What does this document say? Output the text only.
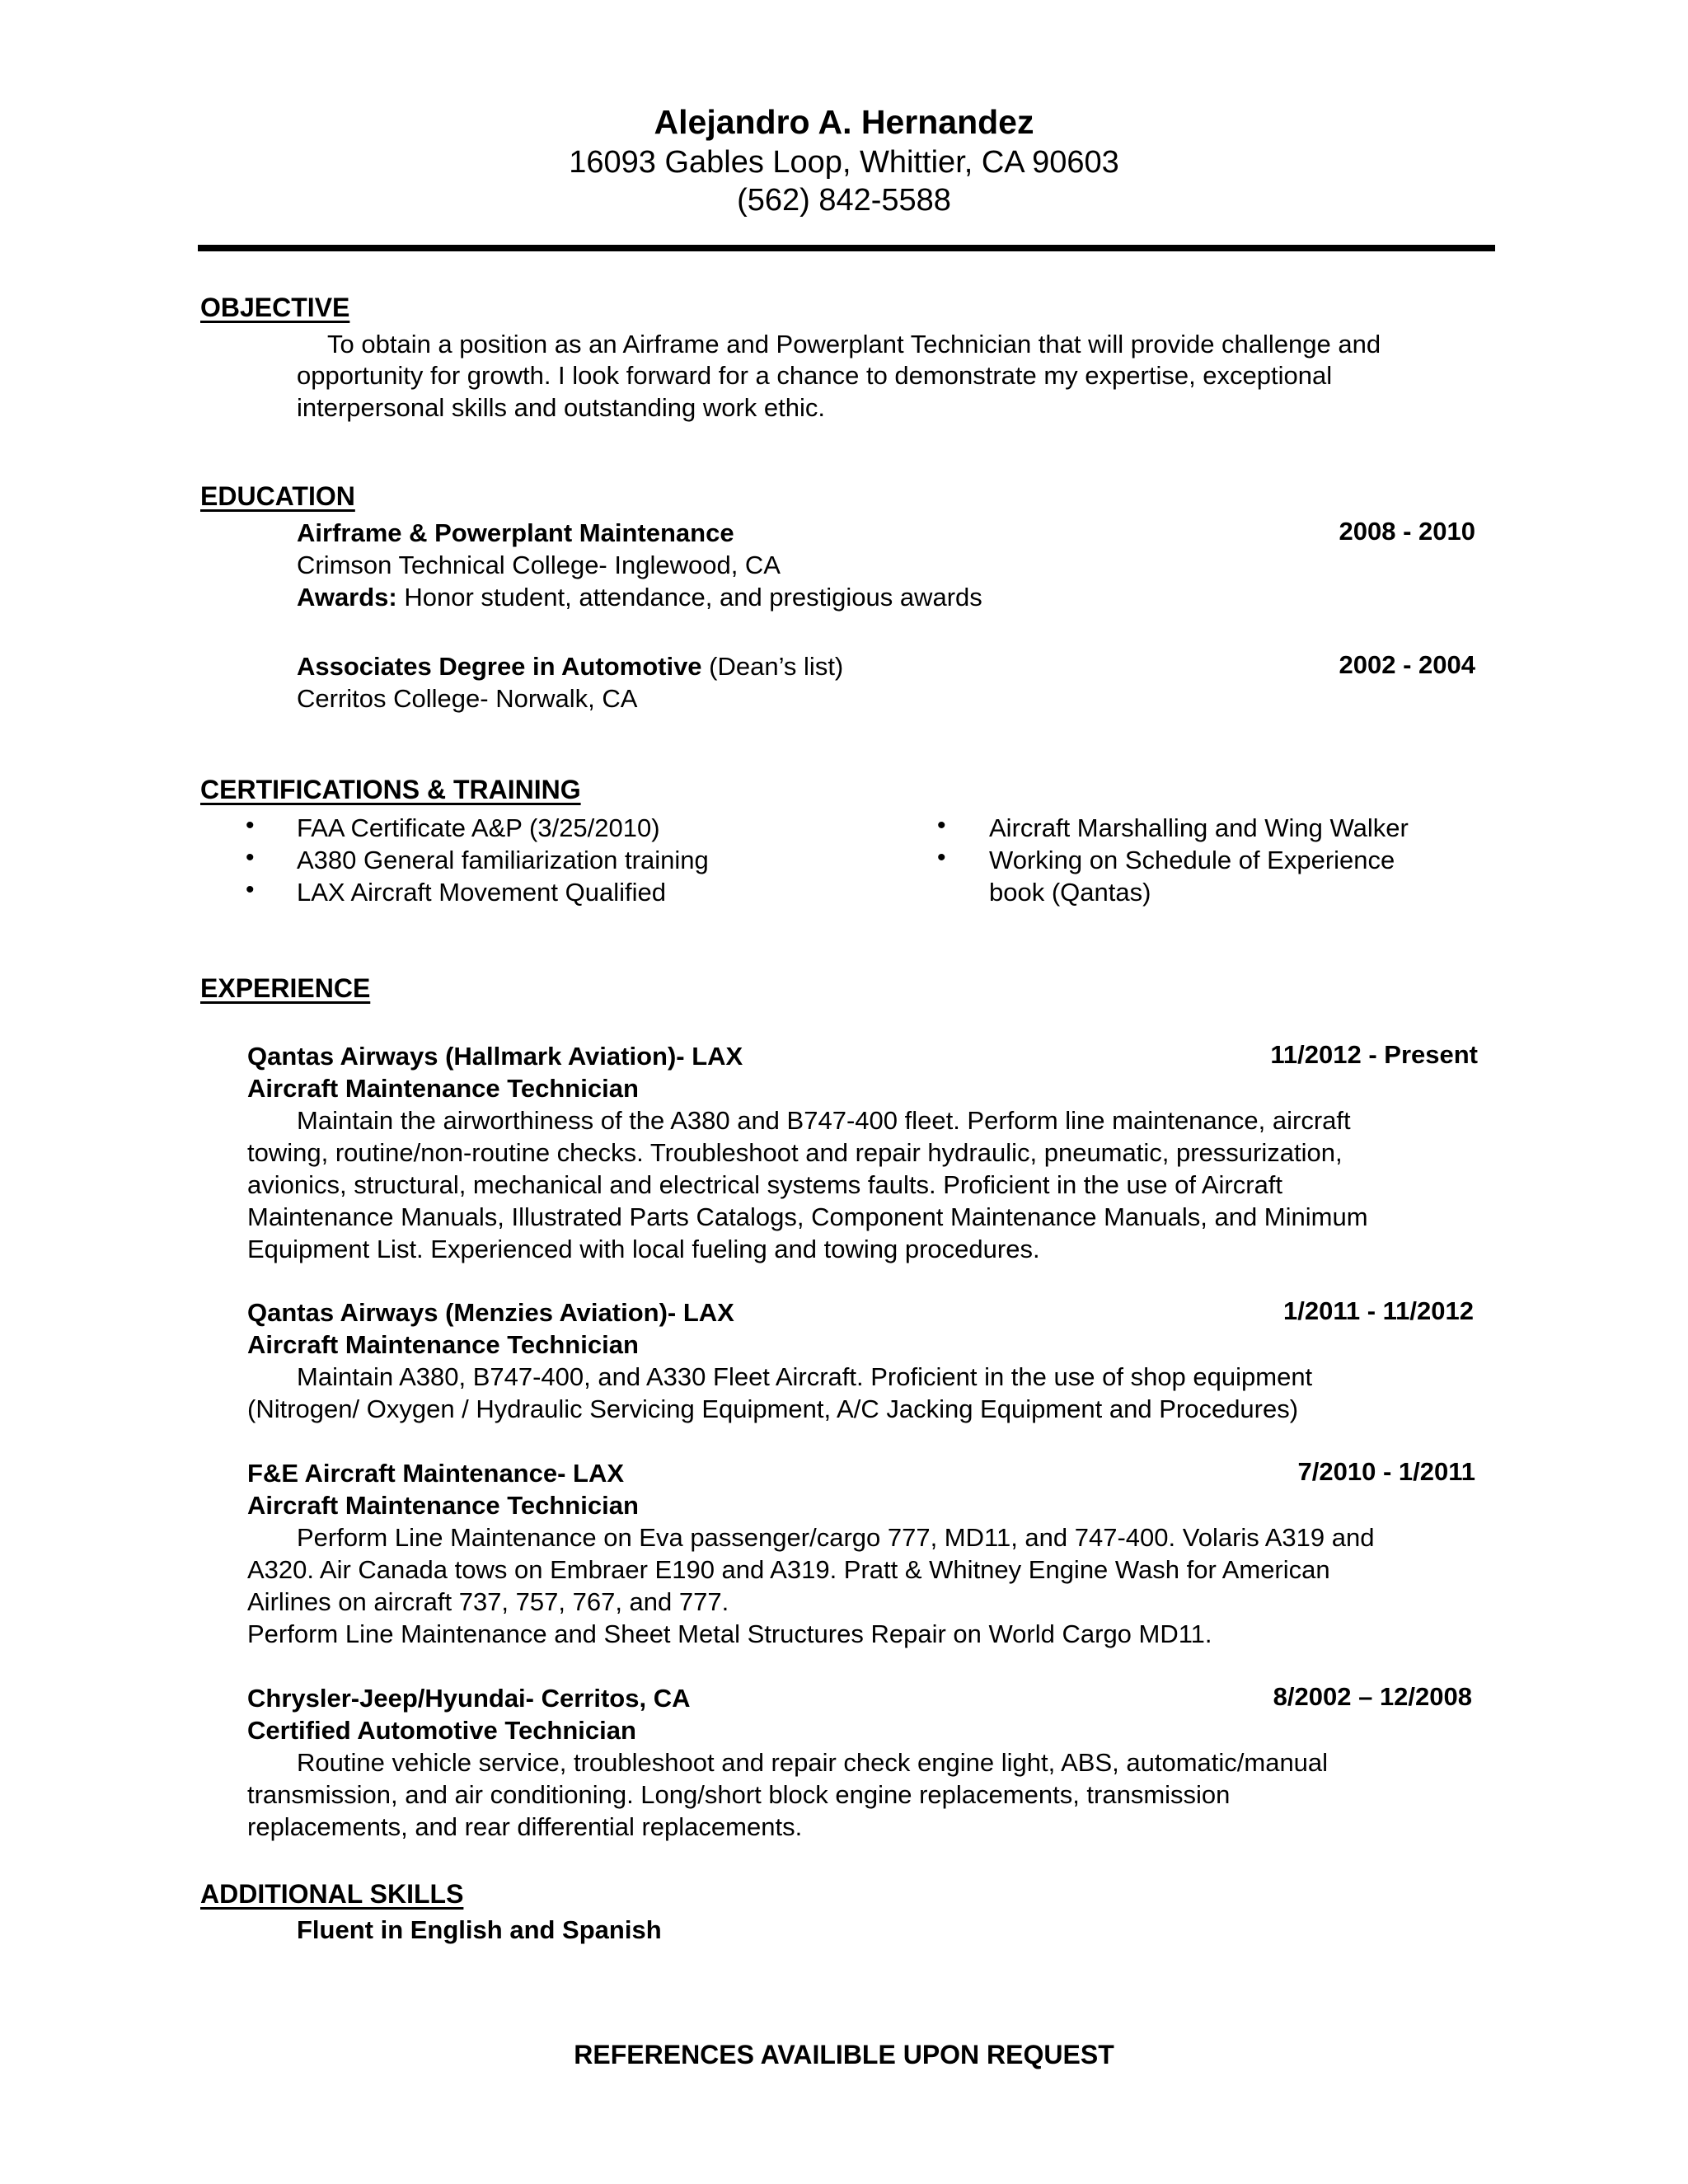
Alejandro A. Hernandez
16093 Gables Loop, Whittier, CA 90603
(562) 842-5588
OBJECTIVE
To obtain a position as an Airframe and Powerplant Technician that will provide challenge and
opportunity for growth. I look forward for a chance to demonstrate my expertise, exceptional
interpersonal skills and outstanding work ethic.
EDUCATION
Airframe & Powerplant Maintenance	2008 - 2010
Crimson Technical College- Inglewood, CA
Awards: Honor student, attendance, and prestigious awards
Associates Degree in Automotive (Dean’s list)	2002 - 2004
Cerritos College- Norwalk, CA
CERTIFICATIONS & TRAINING
• FAA Certificate A&P (3/25/2010)
• A380 General familiarization training
• LAX Aircraft Movement Qualified
• Aircraft Marshalling and Wing Walker
• Working on Schedule of Experience
book (Qantas)
EXPERIENCE
Qantas Airways (Hallmark Aviation)- LAX	11/2012 - Present
Aircraft Maintenance Technician
Maintain the airworthiness of the A380 and B747-400 fleet. Perform line maintenance, aircraft
towing, routine/non-routine checks. Troubleshoot and repair hydraulic, pneumatic, pressurization,
avionics, structural, mechanical and electrical systems faults. Proficient in the use of Aircraft
Maintenance Manuals, Illustrated Parts Catalogs, Component Maintenance Manuals, and Minimum
Equipment List. Experienced with local fueling and towing procedures.
Qantas Airways (Menzies Aviation)- LAX	1/2011 - 11/2012
Aircraft Maintenance Technician
Maintain A380, B747-400, and A330 Fleet Aircraft. Proficient in the use of shop equipment
(Nitrogen/ Oxygen / Hydraulic Servicing Equipment, A/C Jacking Equipment and Procedures)
F&E Aircraft Maintenance- LAX	7/2010 - 1/2011
Aircraft Maintenance Technician
Perform Line Maintenance on Eva passenger/cargo 777, MD11, and 747-400. Volaris A319 and
A320. Air Canada tows on Embraer E190 and A319. Pratt & Whitney Engine Wash for American
Airlines on aircraft 737, 757, 767, and 777.
Perform Line Maintenance and Sheet Metal Structures Repair on World Cargo MD11.
Chrysler-Jeep/Hyundai- Cerritos, CA	8/2002 – 12/2008
Certified Automotive Technician
Routine vehicle service, troubleshoot and repair check engine light, ABS, automatic/manual
transmission, and air conditioning. Long/short block engine replacements, transmission
replacements, and rear differential replacements.
ADDITIONAL SKILLS
Fluent in English and Spanish
REFERENCES AVAILIBLE UPON REQUEST
